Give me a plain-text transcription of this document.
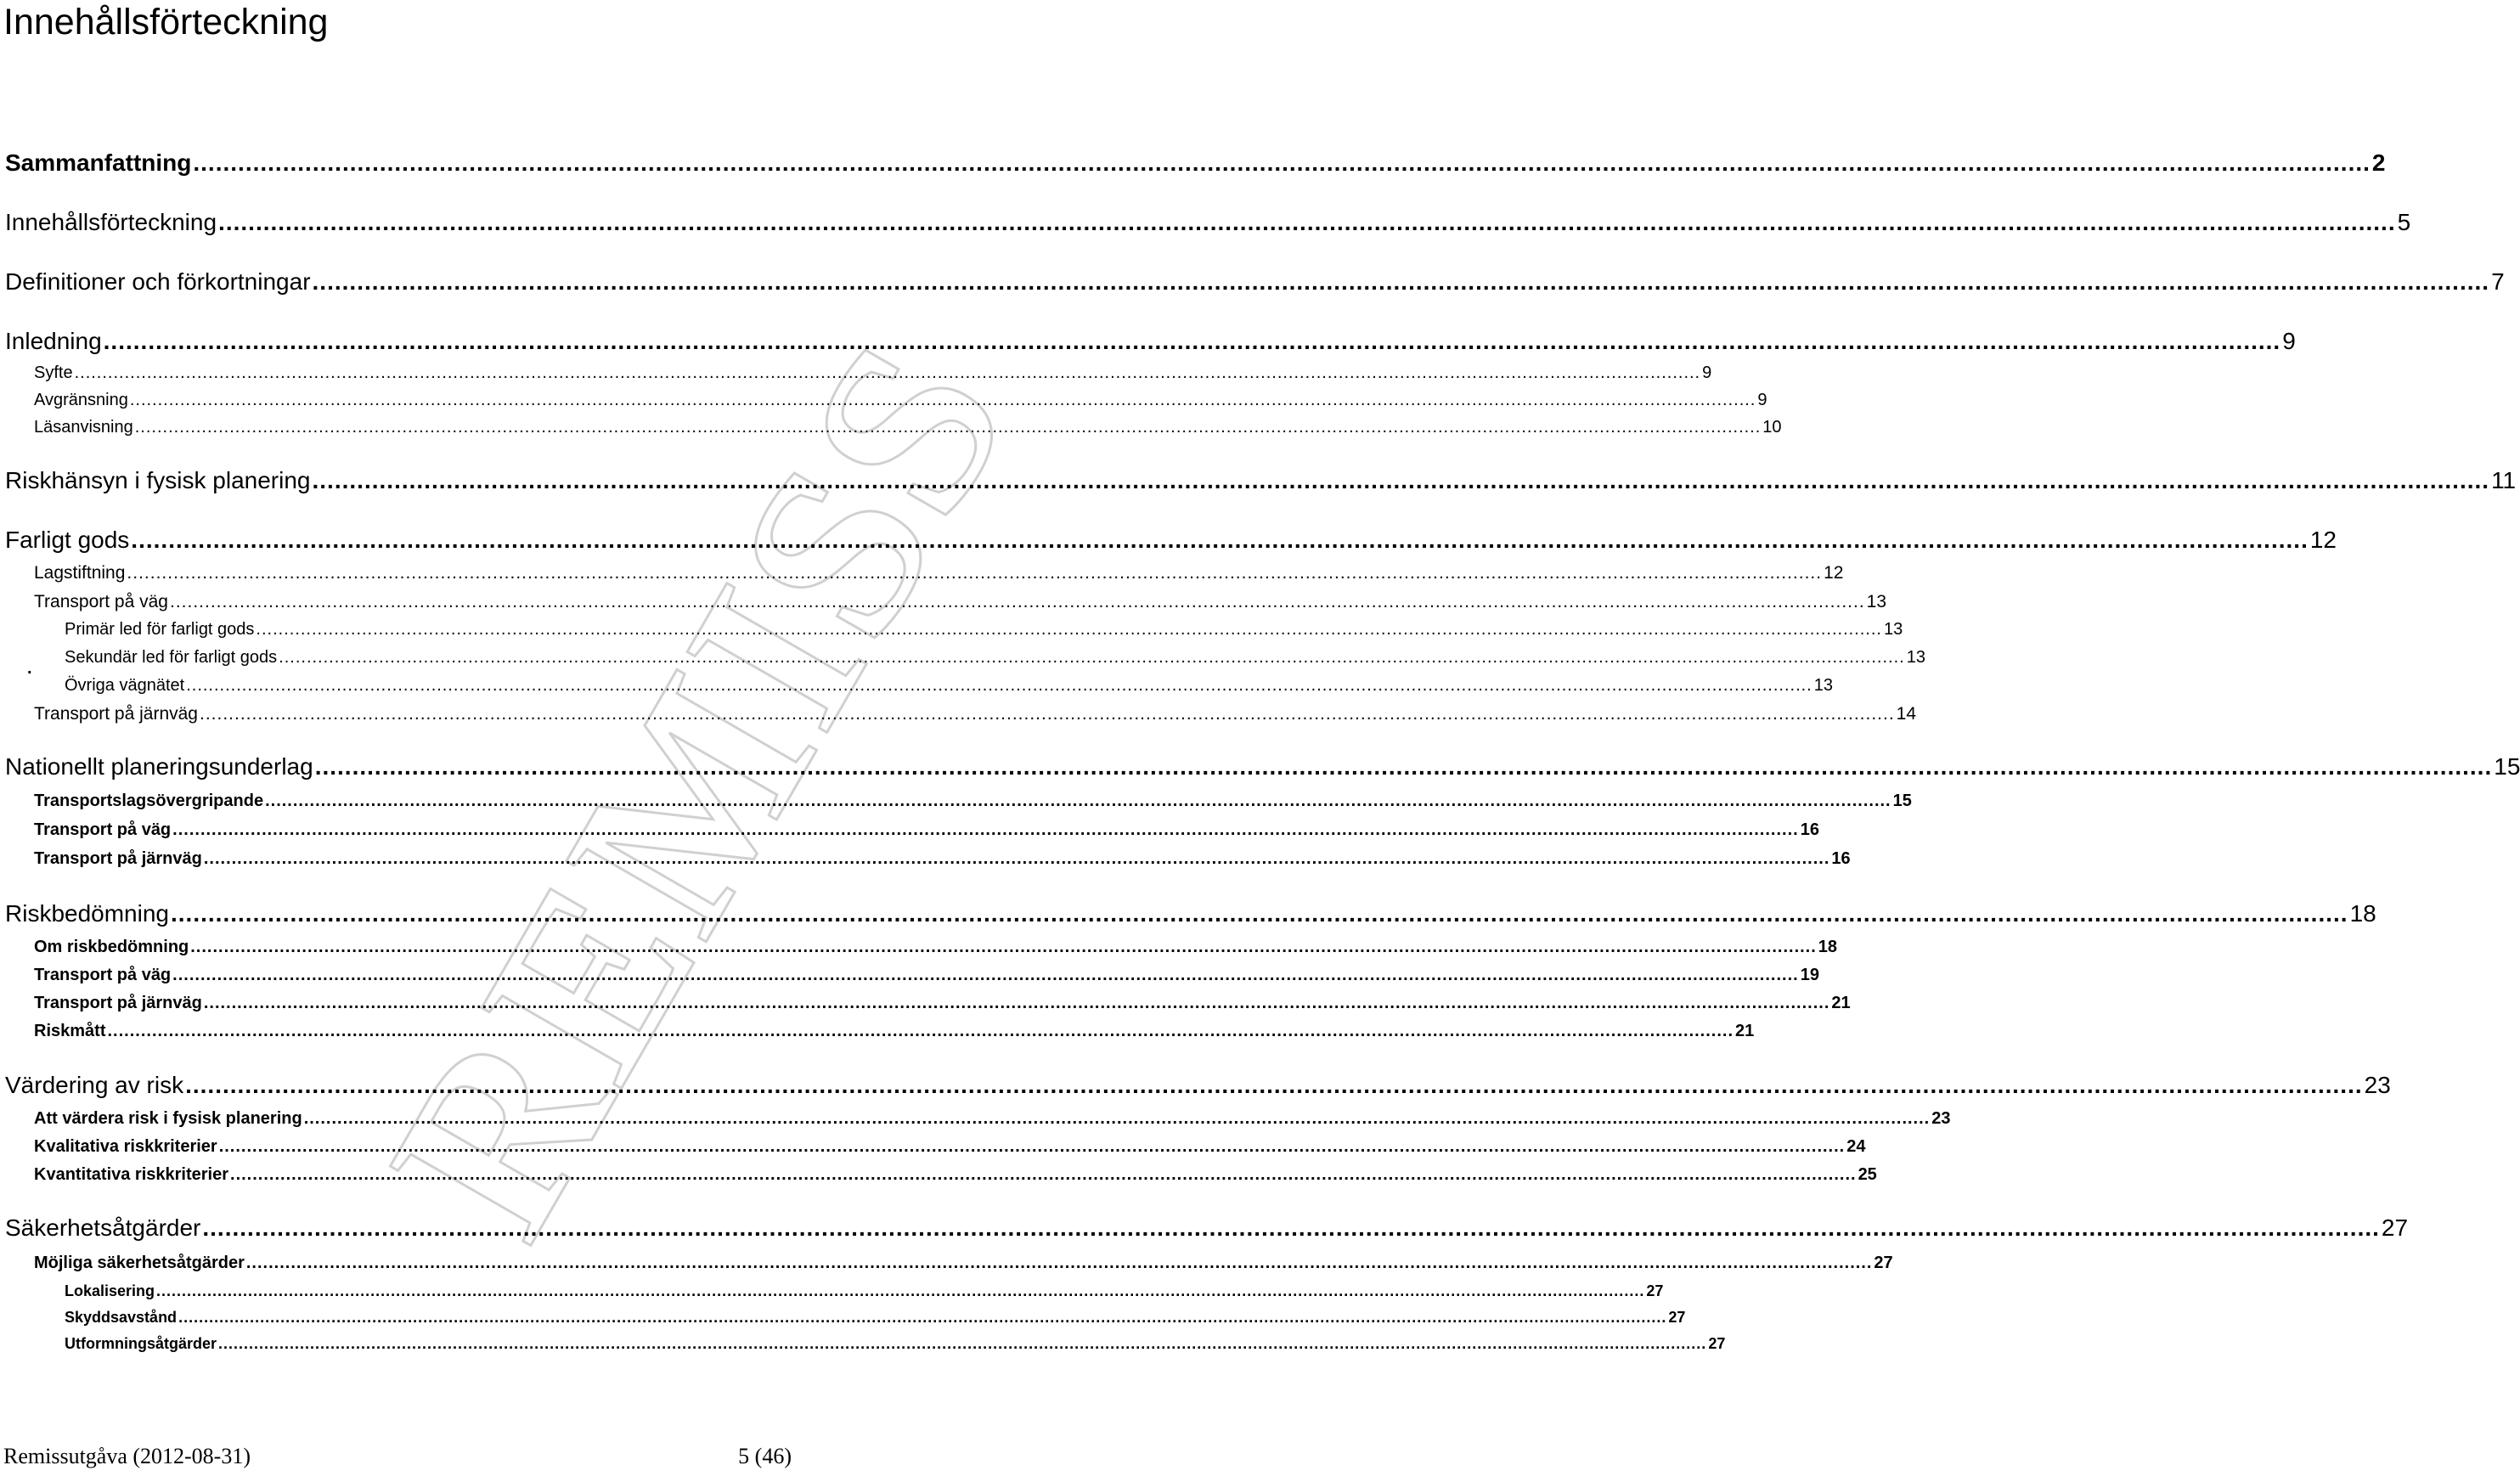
Innehållsförteckning
REMISS
Sammanfattning .....	2
Innehållsförteckning .....	5
Definitioner och förkortningar .....	7
Inledning .....	9
Syfte .....	9
Avgränsning .....	9
Läsanvisning .....	10
Riskhänsyn i fysisk planering .....	11
Farligt gods .....	12
Lagstiftning .....	12
Transport på väg .....	13
Primär led för farligt gods .....	13
.
Sekundär led för farligt gods .....	13
Övriga vägnätet .....	13
Transport på järnväg .....	14
Nationellt planeringsunderlag .....	15
Transportslagsövergripande .....	15
Transport på väg .....	16
Transport på järnväg .....	16
Riskbedömning .....	18
Om riskbedömning .....	18
Transport på väg .....	19
Transport på järnväg .....	21
Riskmått .....	21
Värdering av risk .....	23
Att värdera risk i fysisk planering .....	23
Kvalitativa riskkriterier .....	24
Kvantitativa riskkriterier .....	25
Säkerhetsåtgärder .....	27
Möjliga säkerhetsåtgärder .....	27
Lokalisering .....	27
Skyddsavstånd .....	27
Utformningsåtgärder .....	27
Remissutgåva (2012-08-31)	5 (46)
